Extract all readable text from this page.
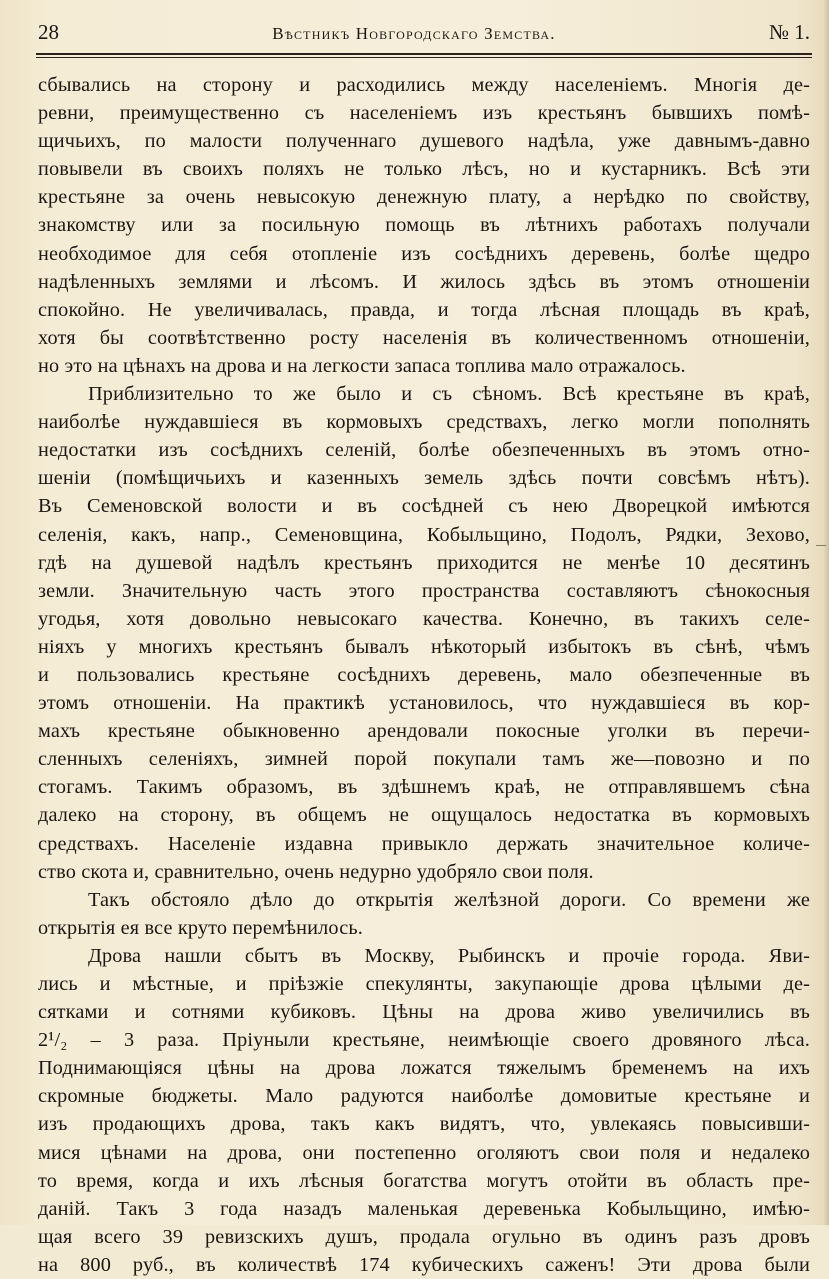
28	Вѣстникъ Новгородскаго Земства.	№ 1.
сбывались на сторону и расходились между населеніемъ. Многія де-
ревни, преимущественно съ населеніемъ изъ крестьянъ бывшихъ помѣ-
щичьихъ, по малости полученнаго душевого надѣла, уже давнымъ-давно
повывели въ своихъ поляхъ не только лѣсъ, но и кустарникъ. Всѣ эти
крестьяне за очень невысокую денежную плату, а нерѣдко по свойству,
знакомству или за посильную помощь въ лѣтнихъ работахъ получали
необходимое для себя отопленіе изъ сосѣднихъ деревень, болѣе щедро
надѣленныхъ землями и лѣсомъ. И жилось здѣсь въ этомъ отношеніи
спокойно. Не увеличивалась, правда, и тогда лѣсная площадь въ краѣ,
хотя бы соотвѣтственно росту населенія въ количественномъ отношеніи,
но это на цѣнахъ на дрова и на легкости запаса топлива мало отражалось.
Приблизительно то же было и съ сѣномъ. Всѣ крестьяне въ краѣ,
наиболѣе нуждавшіеся въ кормовыхъ средствахъ, легко могли пополнять
недостатки изъ сосѣднихъ селеній, болѣе обезпеченныхъ въ этомъ отно-
шеніи (помѣщичьихъ и казенныхъ земель здѣсь почти совсѣмъ нѣтъ).
Въ Семеновской волости и въ сосѣдней съ нею Дворецкой имѣются
селенія, какъ, напр., Семеновщина, Кобыльщино, Подолъ, Рядки, Зехово,
гдѣ на душевой надѣлъ крестьянъ приходится не менѣе 10 десятинъ
земли. Значительную часть этого пространства составляютъ сѣнокосныя
угодья, хотя довольно невысокаго качества. Конечно, въ такихъ селе-
ніяхъ у многихъ крестьянъ бывалъ нѣкоторый избытокъ въ сѣнѣ, чѣмъ
и пользовались крестьяне сосѣднихъ деревень, мало обезпеченные въ
этомъ отношеніи. На практикѣ установилось, что нуждавшіеся въ кор-
махъ крестьяне обыкновенно арендовали покосные уголки въ перечи-
сленныхъ селеніяхъ, зимней порой покупали тамъ же—повозно и по
стогамъ. Такимъ образомъ, въ здѣшнемъ краѣ, не отправлявшемъ сѣна
далеко на сторону, въ общемъ не ощущалось недостатка въ кормовыхъ
средствахъ. Населеніе издавна привыкло держать значительное количе-
ство скота и, сравнительно, очень недурно удобряло свои поля.
Такъ обстояло дѣло до открытія желѣзной дороги. Со времени же
открытія ея все круто перемѣнилось.
Дрова нашли сбытъ въ Москву, Рыбинскъ и прочіе города. Яви-
лись и мѣстные, и пріѣзжіе спекулянты, закупающіе дрова цѣлыми де-
сятками и сотнями кубиковъ. Цѣны на дрова живо увеличились въ
2¹/₂ – 3 раза. Пріуныли крестьяне, неимѣющіе своего дровяного лѣса.
Поднимающіяся цѣны на дрова ложатся тяжелымъ бременемъ на ихъ
скромные бюджеты. Мало радуются наиболѣе домовитые крестьяне и
изъ продающихъ дрова, такъ какъ видятъ, что, увлекаясь повысивши-
мися цѣнами на дрова, они постепенно оголяютъ свои поля и недалеко
то время, когда и ихъ лѣсныя богатства могутъ отойти въ область пре-
даній. Такъ 3 года назадъ маленькая деревенька Кобыльщино, имѣю-
щая всего 39 ревизскихъ душъ, продала огульно въ одинъ разъ дровъ
на 800 руб., въ количествѣ 174 кубическихъ саженъ! Эти дрова были
